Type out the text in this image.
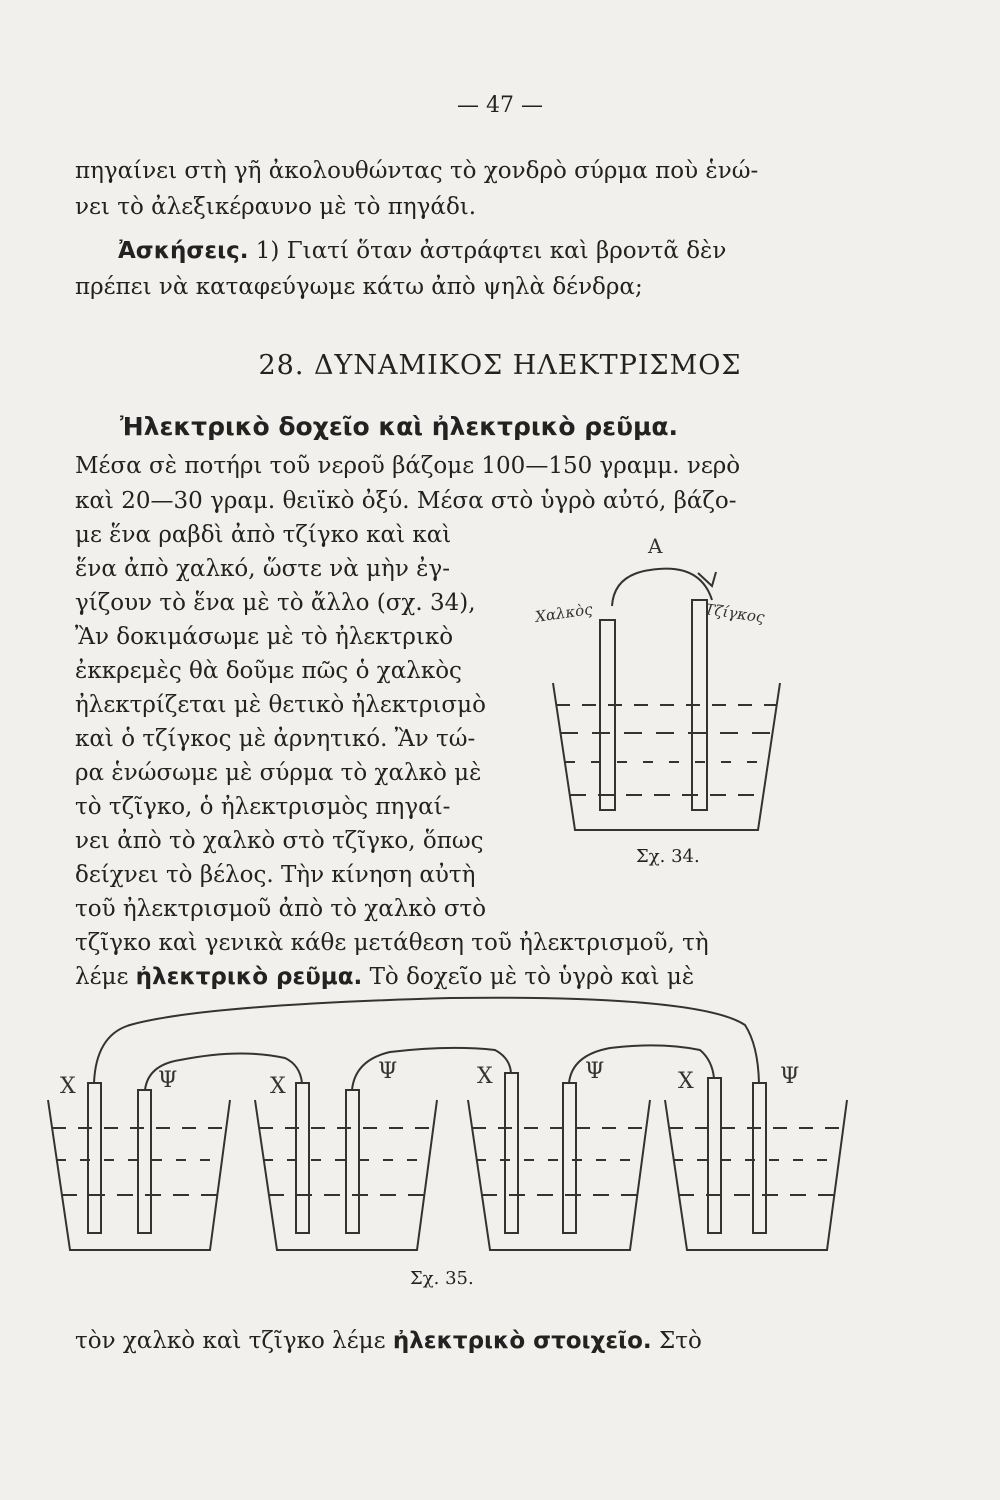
— 47 —
πηγαίνει στὴ γῆ ἀκολουθώντας τὸ χονδρὸ σύρμα ποὺ ἑνώ-
νει τὸ ἀλεξικέραυνο μὲ τὸ πηγάδι.
Ἀσκήσεις. 1) Γιατί ὅταν ἀστράφτει καὶ βροντᾶ δὲν
πρέπει νὰ καταφεύγωμε κάτω ἀπὸ ψηλὰ δένδρα;
28. ΔΥΝΑΜΙΚΟΣ ΗΛΕΚΤΡΙΣΜΟΣ
Ἠλεκτρικὸ δοχεῖο καὶ ἠλεκτρικὸ ρεῦμα.
Μέσα σὲ ποτήρι τοῦ νεροῦ βάζομε 100—150 γραμμ. νερὸ
καὶ 20—30 γραμ. θειϊκὸ ὀξύ. Μέσα στὸ ὑγρὸ αὐτό, βάζο-
με ἕνα ραβδὶ ἀπὸ τζίγκο καὶ καὶ
ἕνα ἀπὸ χαλκό, ὥστε νὰ μὴν ἐγ-
γίζουν τὸ ἕνα μὲ τὸ ἄλλο (σχ. 34),
Ἂν δοκιμάσωμε μὲ τὸ ἠλεκτρικὸ
ἐκκρεμὲς θὰ δοῦμε πῶς ὁ χαλκὸς
ἠλεκτρίζεται μὲ θετικὸ ἠλεκτρισμὸ
καὶ ὁ τζίγκος μὲ ἀρνητικό. Ἂν τώ-
ρα ἑνώσωμε μὲ σύρμα τὸ χαλκὸ μὲ
τὸ τζῖγκο, ὁ ἠλεκτρισμὸς πηγαί-
νει ἀπὸ τὸ χαλκὸ στὸ τζῖγκο, ὅπως
δείχνει τὸ βέλος. Τὴν κίνηση αὐτὴ
τοῦ ἠλεκτρισμοῦ ἀπὸ τὸ χαλκὸ στὸ
τζῖγκο καὶ γενικὰ κάθε μετάθεση τοῦ ἠλεκτρισμοῦ, τὴ
λέμε ἠλεκτρικὸ ρεῦμα. Τὸ δοχεῖο μὲ τὸ ὑγρὸ καὶ μὲ
Α
Χαλκὸς	Τζίγκος
Σχ. 34.
Χ	Ψ	Χ
Ψ	Χ	Ψ	Χ	Ψ
Σχ. 35.
τὸν χαλκὸ καὶ τζῖγκο λέμε ἠλεκτρικὸ στοιχεῖο. Στὸ
